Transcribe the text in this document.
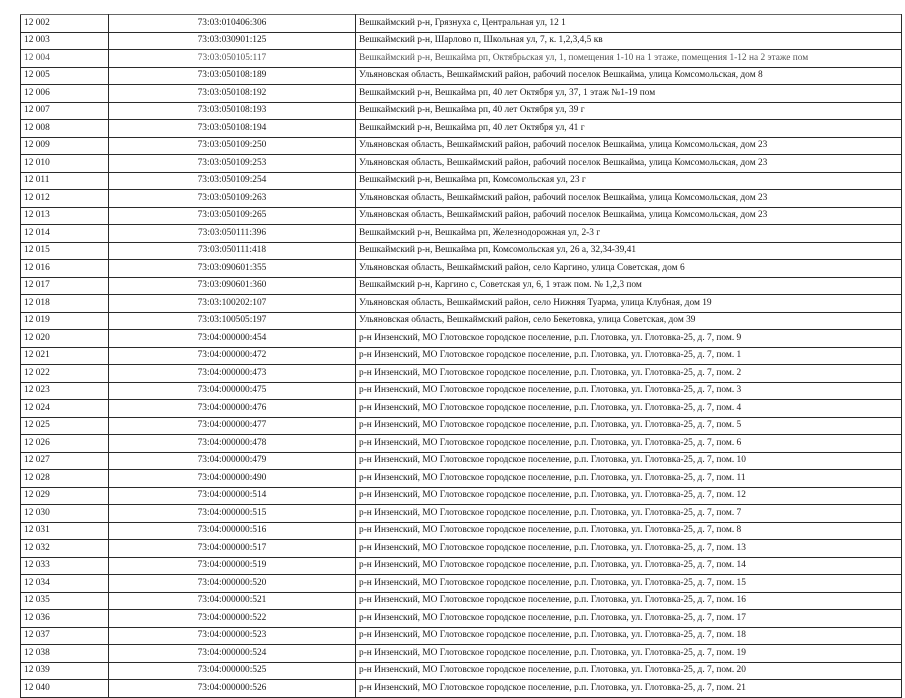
12 002	73:03:010406:306	Вешкаймский р-н, Грязнуха с, Центральная ул, 12 1
12 003	73:03:030901:125	Вешкаймский р-н, Шарлово п, Школьная ул, 7, к. 1,2,3,4,5 кв
12 004	73:03:050105:117	Вешкаймский р-н, Вешкайма рп, Октябрьская ул, 1, помещения 1-10 на 1 этаже, помещения 1-12 на 2 этаже пом
12 005	73:03:050108:189	Ульяновская область, Вешкаймский район, рабочий поселок Вешкайма, улица Комсомольская, дом 8
12 006	73:03:050108:192	Вешкаймский р-н, Вешкайма рп, 40 лет Октября ул, 37, 1 этаж №1-19 пом
12 007	73:03:050108:193	Вешкаймский р-н, Вешкайма рп, 40 лет Октября ул, 39 г
12 008	73:03:050108:194	Вешкаймский р-н, Вешкайма рп, 40 лет Октября ул, 41 г
12 009	73:03:050109:250	Ульяновская область, Вешкаймский район, рабочий поселок Вешкайма, улица Комсомольская, дом 23
12 010	73:03:050109:253	Ульяновская область, Вешкаймский район, рабочий поселок Вешкайма, улица Комсомольская, дом 23
12 011	73:03:050109:254	Вешкаймский р-н, Вешкайма рп, Комсомольская ул, 23 г
12 012	73:03:050109:263	Ульяновская область, Вешкаймский район, рабочий поселок Вешкайма, улица Комсомольская, дом 23
12 013	73:03:050109:265	Ульяновская область, Вешкаймский район, рабочий поселок Вешкайма, улица Комсомольская, дом 23
12 014	73:03:050111:396	Вешкаймский р-н, Вешкайма рп, Железнодорожная ул, 2-3 г
12 015	73:03:050111:418	Вешкаймский р-н, Вешкайма рп, Комсомольская ул, 26 а, 32,34-39,41
12 016	73:03:090601:355	Ульяновская область, Вешкаймский район, село Каргино, улица Советская, дом 6
12 017	73:03:090601:360	Вешкаймский р-н, Каргино с, Советская ул, 6, 1 этаж пом. № 1,2,3 пом
12 018	73:03:100202:107	Ульяновская область, Вешкаймский район, село Нижняя Туарма, улица Клубная, дом 19
12 019	73:03:100505:197	Ульяновская область, Вешкаймский район, село Бекетовка, улица Советская, дом 39
12 020	73:04:000000:454	р-н Инзенский, МО Глотовское городское поселение, р.п. Глотовка, ул. Глотовка-25, д. 7, пом. 9
12 021	73:04:000000:472	р-н Инзенский, МО Глотовское городское поселение, р.п. Глотовка, ул. Глотовка-25, д. 7, пом. 1
12 022	73:04:000000:473	р-н Инзенский, МО Глотовское городское поселение, р.п. Глотовка, ул. Глотовка-25, д. 7, пом. 2
12 023	73:04:000000:475	р-н Инзенский, МО Глотовское городское поселение, р.п. Глотовка, ул. Глотовка-25, д. 7, пом. 3
12 024	73:04:000000:476	р-н Инзенский, МО Глотовское городское поселение, р.п. Глотовка, ул. Глотовка-25, д. 7, пом. 4
12 025	73:04:000000:477	р-н Инзенский, МО Глотовское городское поселение, р.п. Глотовка, ул. Глотовка-25, д. 7, пом. 5
12 026	73:04:000000:478	р-н Инзенский, МО Глотовское городское поселение, р.п. Глотовка, ул. Глотовка-25, д. 7, пом. 6
12 027	73:04:000000:479	р-н Инзенский, МО Глотовское городское поселение, р.п. Глотовка, ул. Глотовка-25, д. 7, пом. 10
12 028	73:04:000000:490	р-н Инзенский, МО Глотовское городское поселение, р.п. Глотовка, ул. Глотовка-25, д. 7, пом. 11
12 029	73:04:000000:514	р-н Инзенский, МО Глотовское городское поселение, р.п. Глотовка, ул. Глотовка-25, д. 7, пом. 12
12 030	73:04:000000:515	р-н Инзенский, МО Глотовское городское поселение, р.п. Глотовка, ул. Глотовка-25, д. 7, пом. 7
12 031	73:04:000000:516	р-н Инзенский, МО Глотовское городское поселение, р.п. Глотовка, ул. Глотовка-25, д. 7, пом. 8
12 032	73:04:000000:517	р-н Инзенский, МО Глотовское городское поселение, р.п. Глотовка, ул. Глотовка-25, д. 7, пом. 13
12 033	73:04:000000:519	р-н Инзенский, МО Глотовское городское поселение, р.п. Глотовка, ул. Глотовка-25, д. 7, пом. 14
12 034	73:04:000000:520	р-н Инзенский, МО Глотовское городское поселение, р.п. Глотовка, ул. Глотовка-25, д. 7, пом. 15
12 035	73:04:000000:521	р-н Инзенский, МО Глотовское городское поселение, р.п. Глотовка, ул. Глотовка-25, д. 7, пом. 16
12 036	73:04:000000:522	р-н Инзенский, МО Глотовское городское поселение, р.п. Глотовка, ул. Глотовка-25, д. 7, пом. 17
12 037	73:04:000000:523	р-н Инзенский, МО Глотовское городское поселение, р.п. Глотовка, ул. Глотовка-25, д. 7, пом. 18
12 038	73:04:000000:524	р-н Инзенский, МО Глотовское городское поселение, р.п. Глотовка, ул. Глотовка-25, д. 7, пом. 19
12 039	73:04:000000:525	р-н Инзенский, МО Глотовское городское поселение, р.п. Глотовка, ул. Глотовка-25, д. 7, пом. 20
12 040	73:04:000000:526	р-н Инзенский, МО Глотовское городское поселение, р.п. Глотовка, ул. Глотовка-25, д. 7, пом. 21
